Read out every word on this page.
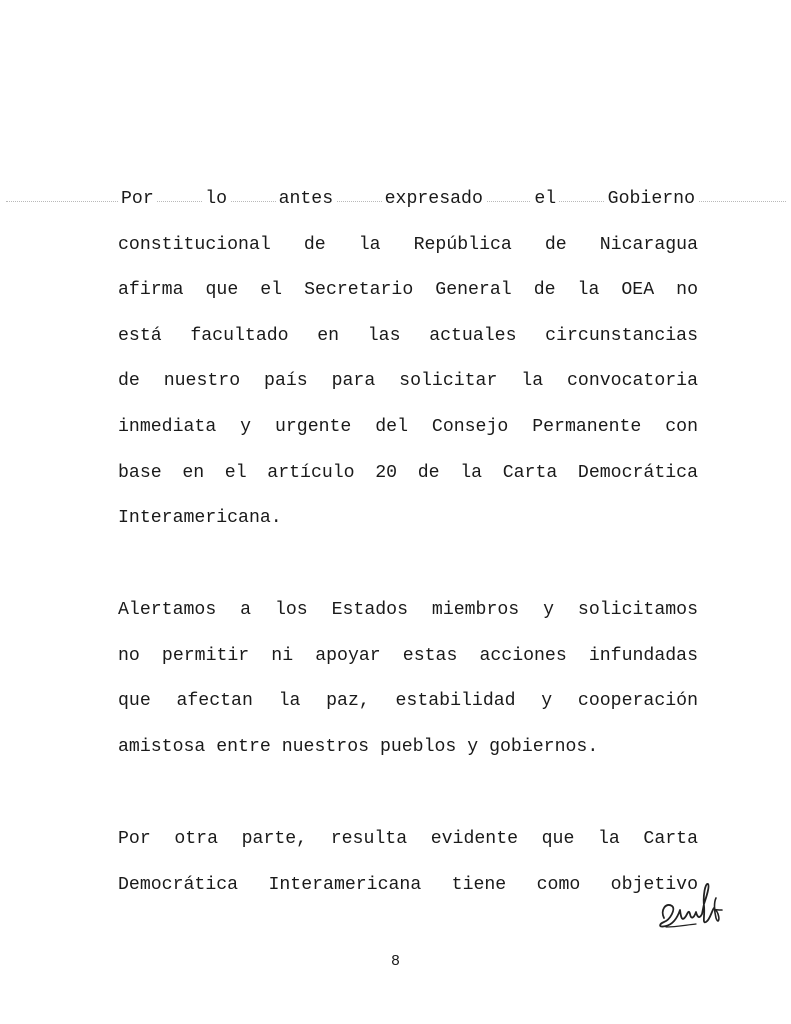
Por	lo	antes	expresado	el	Gobierno
constitucional de la República de Nicaragua
afirma que el Secretario General de la OEA no
está facultado en las actuales circunstancias
de nuestro país para solicitar la convocatoria
inmediata y urgente del Consejo Permanente con
base en el artículo 20 de la Carta Democrática
Interamericana.
Alertamos a los Estados miembros y solicitamos
no permitir ni apoyar estas acciones infundadas
que afectan la paz, estabilidad y cooperación
amistosa entre nuestros pueblos y gobiernos.
Por otra parte, resulta evidente que la Carta
Democrática Interamericana tiene como objetivo
8
